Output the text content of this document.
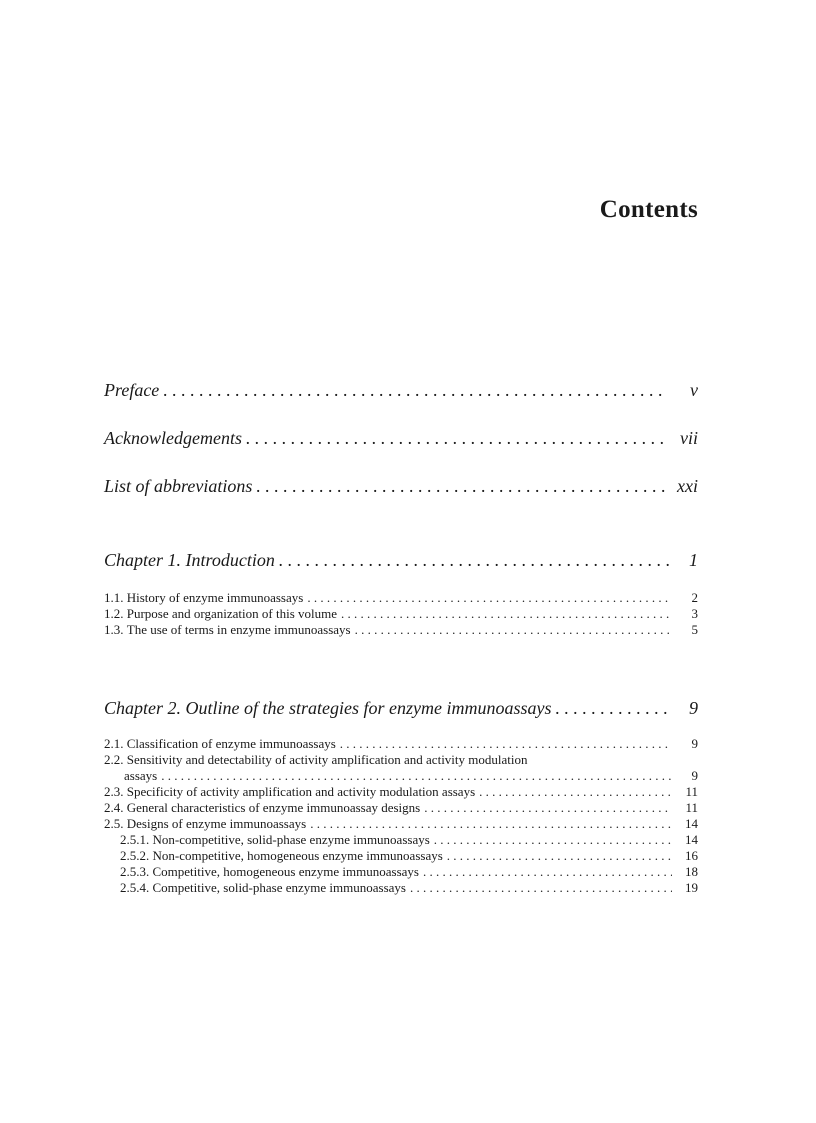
Contents
Preface . . .	v
Acknowledgements . . .	vii
List of abbreviations . . .	xxi
Chapter 1. Introduction . . .	1
1.1. History of enzyme immunoassays . . .	2
1.2. Purpose and organization of this volume . . .	3
1.3. The use of terms in enzyme immunoassays . . .	5
Chapter 2. Outline of the strategies for enzyme immunoassays . . .	9
2.1. Classification of enzyme immunoassays . . .	9
2.2. Sensitivity and detectability of activity amplification and activity modulation
assays . . .	9
2.3. Specificity of activity amplification and activity modulation assays . . .	11
2.4. General characteristics of enzyme immunoassay designs . . .	11
2.5. Designs of enzyme immunoassays . . .	14
2.5.1. Non-competitive, solid-phase enzyme immunoassays . . .	14
2.5.2. Non-competitive, homogeneous enzyme immunoassays . . .	16
2.5.3. Competitive, homogeneous enzyme immunoassays . . .	18
2.5.4. Competitive, solid-phase enzyme immunoassays . . .	19
